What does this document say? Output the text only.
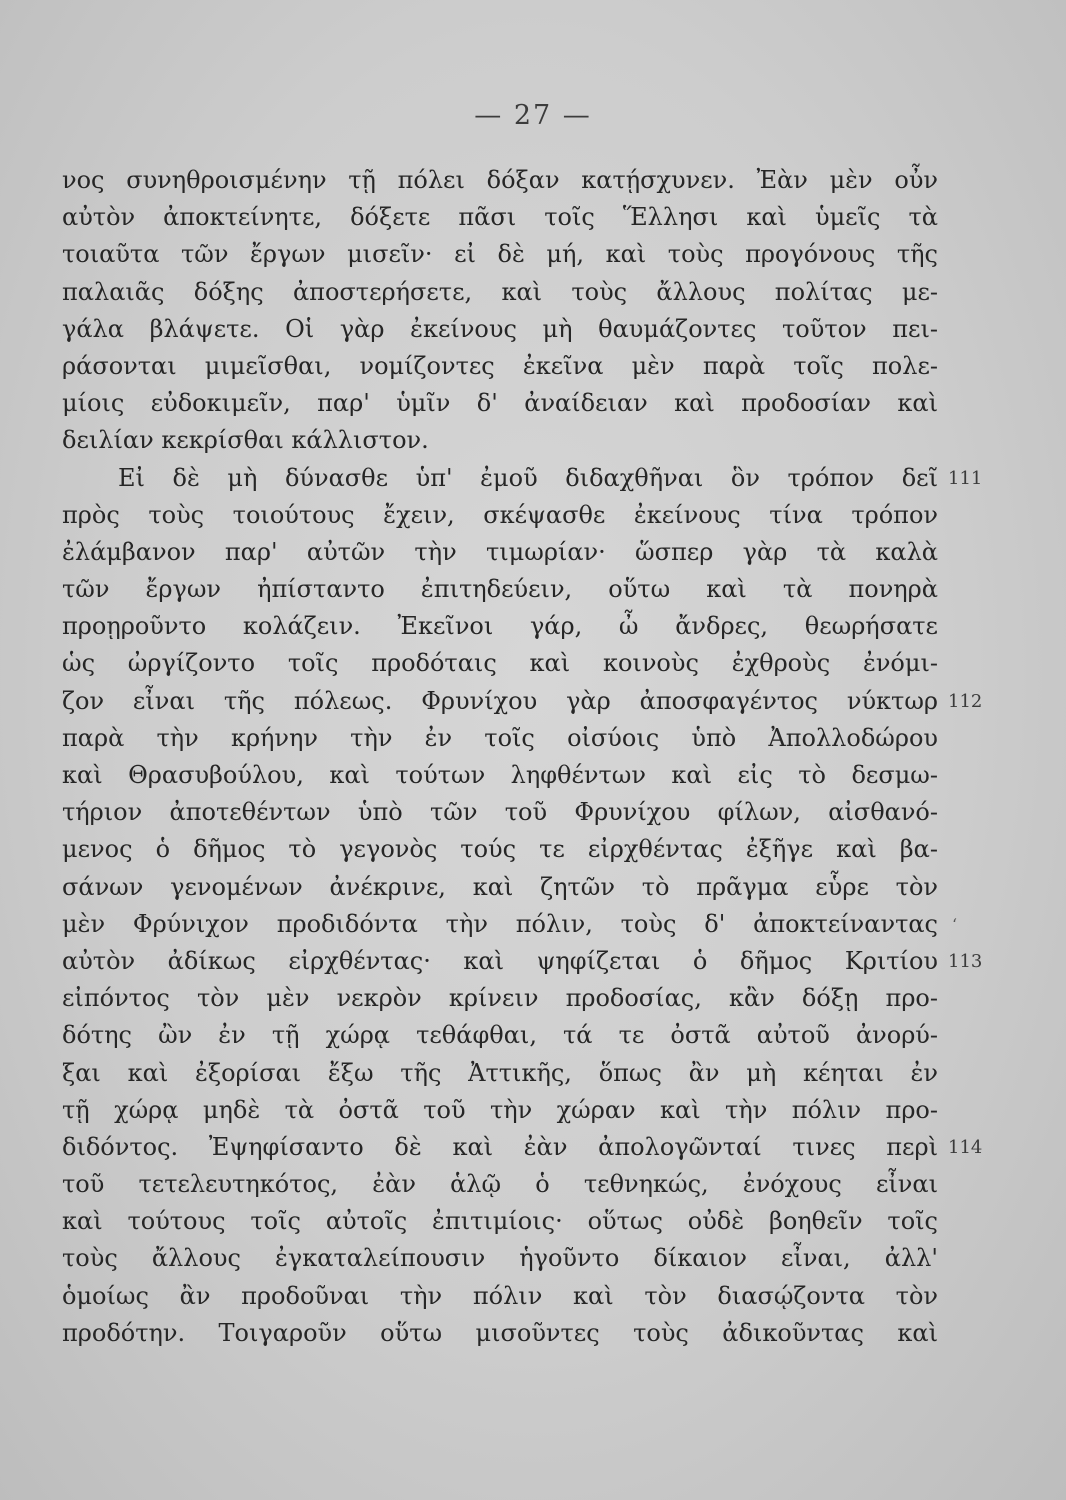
— 27 —
νος συνηθροισμένην τῇ πόλει δόξαν κατῄσχυνεν. Ἐὰν μὲν οὖν
αὐτὸν ἀποκτείνητε, δόξετε πᾶσι τοῖς Ἕλλησι καὶ ὑμεῖς τὰ
τοιαῦτα τῶν ἔργων μισεῖν· εἰ δὲ μή, καὶ τοὺς προγόνους τῆς
παλαιᾶς δόξης ἀποστερήσετε, καὶ τοὺς ἄλλους πολίτας με-
γάλα βλάψετε. Οἱ γὰρ ἐκείνους μὴ θαυμάζοντες τοῦτον πει-
ράσονται μιμεῖσθαι, νομίζοντες ἐκεῖνα μὲν παρὰ τοῖς πολε-
μίοις εὐδοκιμεῖν, παρ' ὑμῖν δ' ἀναίδειαν καὶ προδοσίαν καὶ
δειλίαν κεκρίσθαι κάλλιστον.
Εἰ δὲ μὴ δύνασθε ὑπ' ἐμοῦ διδαχθῆναι ὃν τρόπον δεῖ 111
πρὸς τοὺς τοιούτους ἔχειν, σκέψασθε ἐκείνους τίνα τρόπον
ἐλάμβανον παρ' αὐτῶν τὴν τιμωρίαν· ὥσπερ γὰρ τὰ καλὰ
τῶν ἔργων ἠπίσταντο ἐπιτηδεύειν, οὕτω καὶ τὰ πονηρὰ
προῃροῦντο κολάζειν. Ἐκεῖνοι γάρ, ὦ ἄνδρες, θεωρήσατε
ὡς ὠργίζοντο τοῖς προδόταις καὶ κοινοὺς ἐχθροὺς ἐνόμι-
ζον εἶναι τῆς πόλεως. Φρυνίχου γὰρ ἀποσφαγέντος νύκτωρ 112
παρὰ τὴν κρήνην τὴν ἐν τοῖς οἰσύοις ὑπὸ Ἀπολλοδώρου
καὶ Θρασυβούλου, καὶ τούτων ληφθέντων καὶ εἰς τὸ δεσμω-
τήριον ἀποτεθέντων ὑπὸ τῶν τοῦ Φρυνίχου φίλων, αἰσθανό-
μενος ὁ δῆμος τὸ γεγονὸς τούς τε εἰρχθέντας ἐξῆγε καὶ βα-
σάνων γενομένων ἀνέκρινε, καὶ ζητῶν τὸ πρᾶγμα εὗρε τὸν
μὲν Φρύνιχον προδιδόντα τὴν πόλιν, τοὺς δ' ἀποκτείναντας
αὐτὸν ἀδίκως εἰρχθέντας· καὶ ψηφίζεται ὁ δῆμος Κριτίου 113
εἰπόντος τὸν μὲν νεκρὸν κρίνειν προδοσίας, κἂν δόξῃ προ-
δότης ὢν ἐν τῇ χώρᾳ τεθάφθαι, τά τε ὀστᾶ αὐτοῦ ἀνορύ-
ξαι καὶ ἐξορίσαι ἔξω τῆς Ἀττικῆς, ὅπως ἂν μὴ κέηται ἐν
τῇ χώρᾳ μηδὲ τὰ ὀστᾶ τοῦ τὴν χώραν καὶ τὴν πόλιν προ-
διδόντος. Ἐψηφίσαντο δὲ καὶ ἐὰν ἀπολογῶνταί τινες περὶ 114
τοῦ τετελευτηκότος, ἐὰν ἁλῷ ὁ τεθνηκώς, ἐνόχους εἶναι
καὶ τούτους τοῖς αὐτοῖς ἐπιτιμίοις· οὕτως οὐδὲ βοηθεῖν τοῖς
τοὺς ἄλλους ἐγκαταλείπουσιν ἡγοῦντο δίκαιον εἶναι, ἀλλ'
ὁμοίως ἂν προδοῦναι τὴν πόλιν καὶ τὸν διασῴζοντα τὸν
προδότην. Τοιγαροῦν οὕτω μισοῦντες τοὺς ἀδικοῦντας καὶ
ʻ
